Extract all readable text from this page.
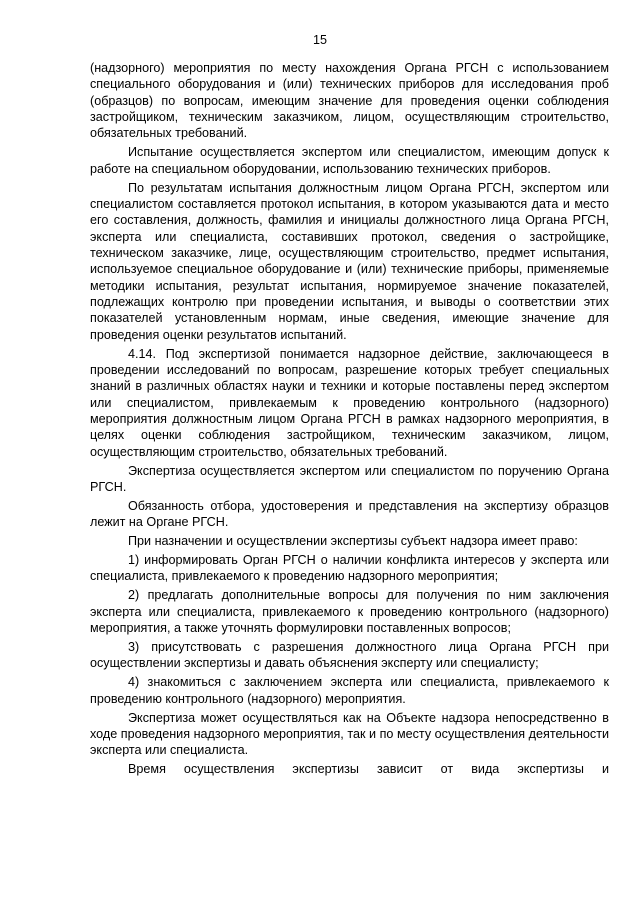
15

(надзорного) мероприятия по месту нахождения Органа РГСН с использованием специального оборудования и (или) технических приборов для исследования проб (образцов) по вопросам, имеющим значение для проведения оценки соблюдения застройщиком, техническим заказчиком, лицом, осуществляющим строительство, обязательных требований.

Испытание осуществляется экспертом или специалистом, имеющим допуск к работе на специальном оборудовании, использованию технических приборов.

По результатам испытания должностным лицом Органа РГСН, экспертом или специалистом составляется протокол испытания, в котором указываются дата и место его составления, должность, фамилия и инициалы должностного лица Органа РГСН, эксперта или специалиста, составивших протокол, сведения о застройщике, техническом заказчике, лице, осуществляющим строительство, предмет испытания, используемое специальное оборудование и (или) технические приборы, применяемые методики испытания, результат испытания, нормируемое значение показателей, подлежащих контролю при проведении испытания, и выводы о соответствии этих показателей установленным нормам, иные сведения, имеющие значение для проведения оценки результатов испытаний.

4.14. Под экспертизой понимается надзорное действие, заключающееся в проведении исследований по вопросам, разрешение которых требует специальных знаний в различных областях науки и техники и которые поставлены перед экспертом или специалистом, привлекаемым к проведению контрольного (надзорного) мероприятия должностным лицом Органа РГСН в рамках надзорного мероприятия, в целях оценки соблюдения застройщиком, техническим заказчиком, лицом, осуществляющим строительство, обязательных требований.

Экспертиза осуществляется экспертом или специалистом по поручению Органа РГСН.

Обязанность отбора, удостоверения и представления на экспертизу образцов лежит на Органе РГСН.

При назначении и осуществлении экспертизы субъект надзора имеет право:

1) информировать Орган РГСН о наличии конфликта интересов у эксперта или специалиста, привлекаемого к проведению надзорного мероприятия;

2) предлагать дополнительные вопросы для получения по ним заключения эксперта или специалиста, привлекаемого к проведению контрольного (надзорного) мероприятия, а также уточнять формулировки поставленных вопросов;

3) присутствовать с разрешения должностного лица Органа РГСН при осуществлении экспертизы и давать объяснения эксперту или специалисту;

4) знакомиться с заключением эксперта или специалиста, привлекаемого к проведению контрольного (надзорного) мероприятия.

Экспертиза может осуществляться как на Объекте надзора непосредственно в ходе проведения надзорного мероприятия, так и по месту осуществления деятельности эксперта или специалиста.

Время осуществления экспертизы зависит от вида экспертизы и
